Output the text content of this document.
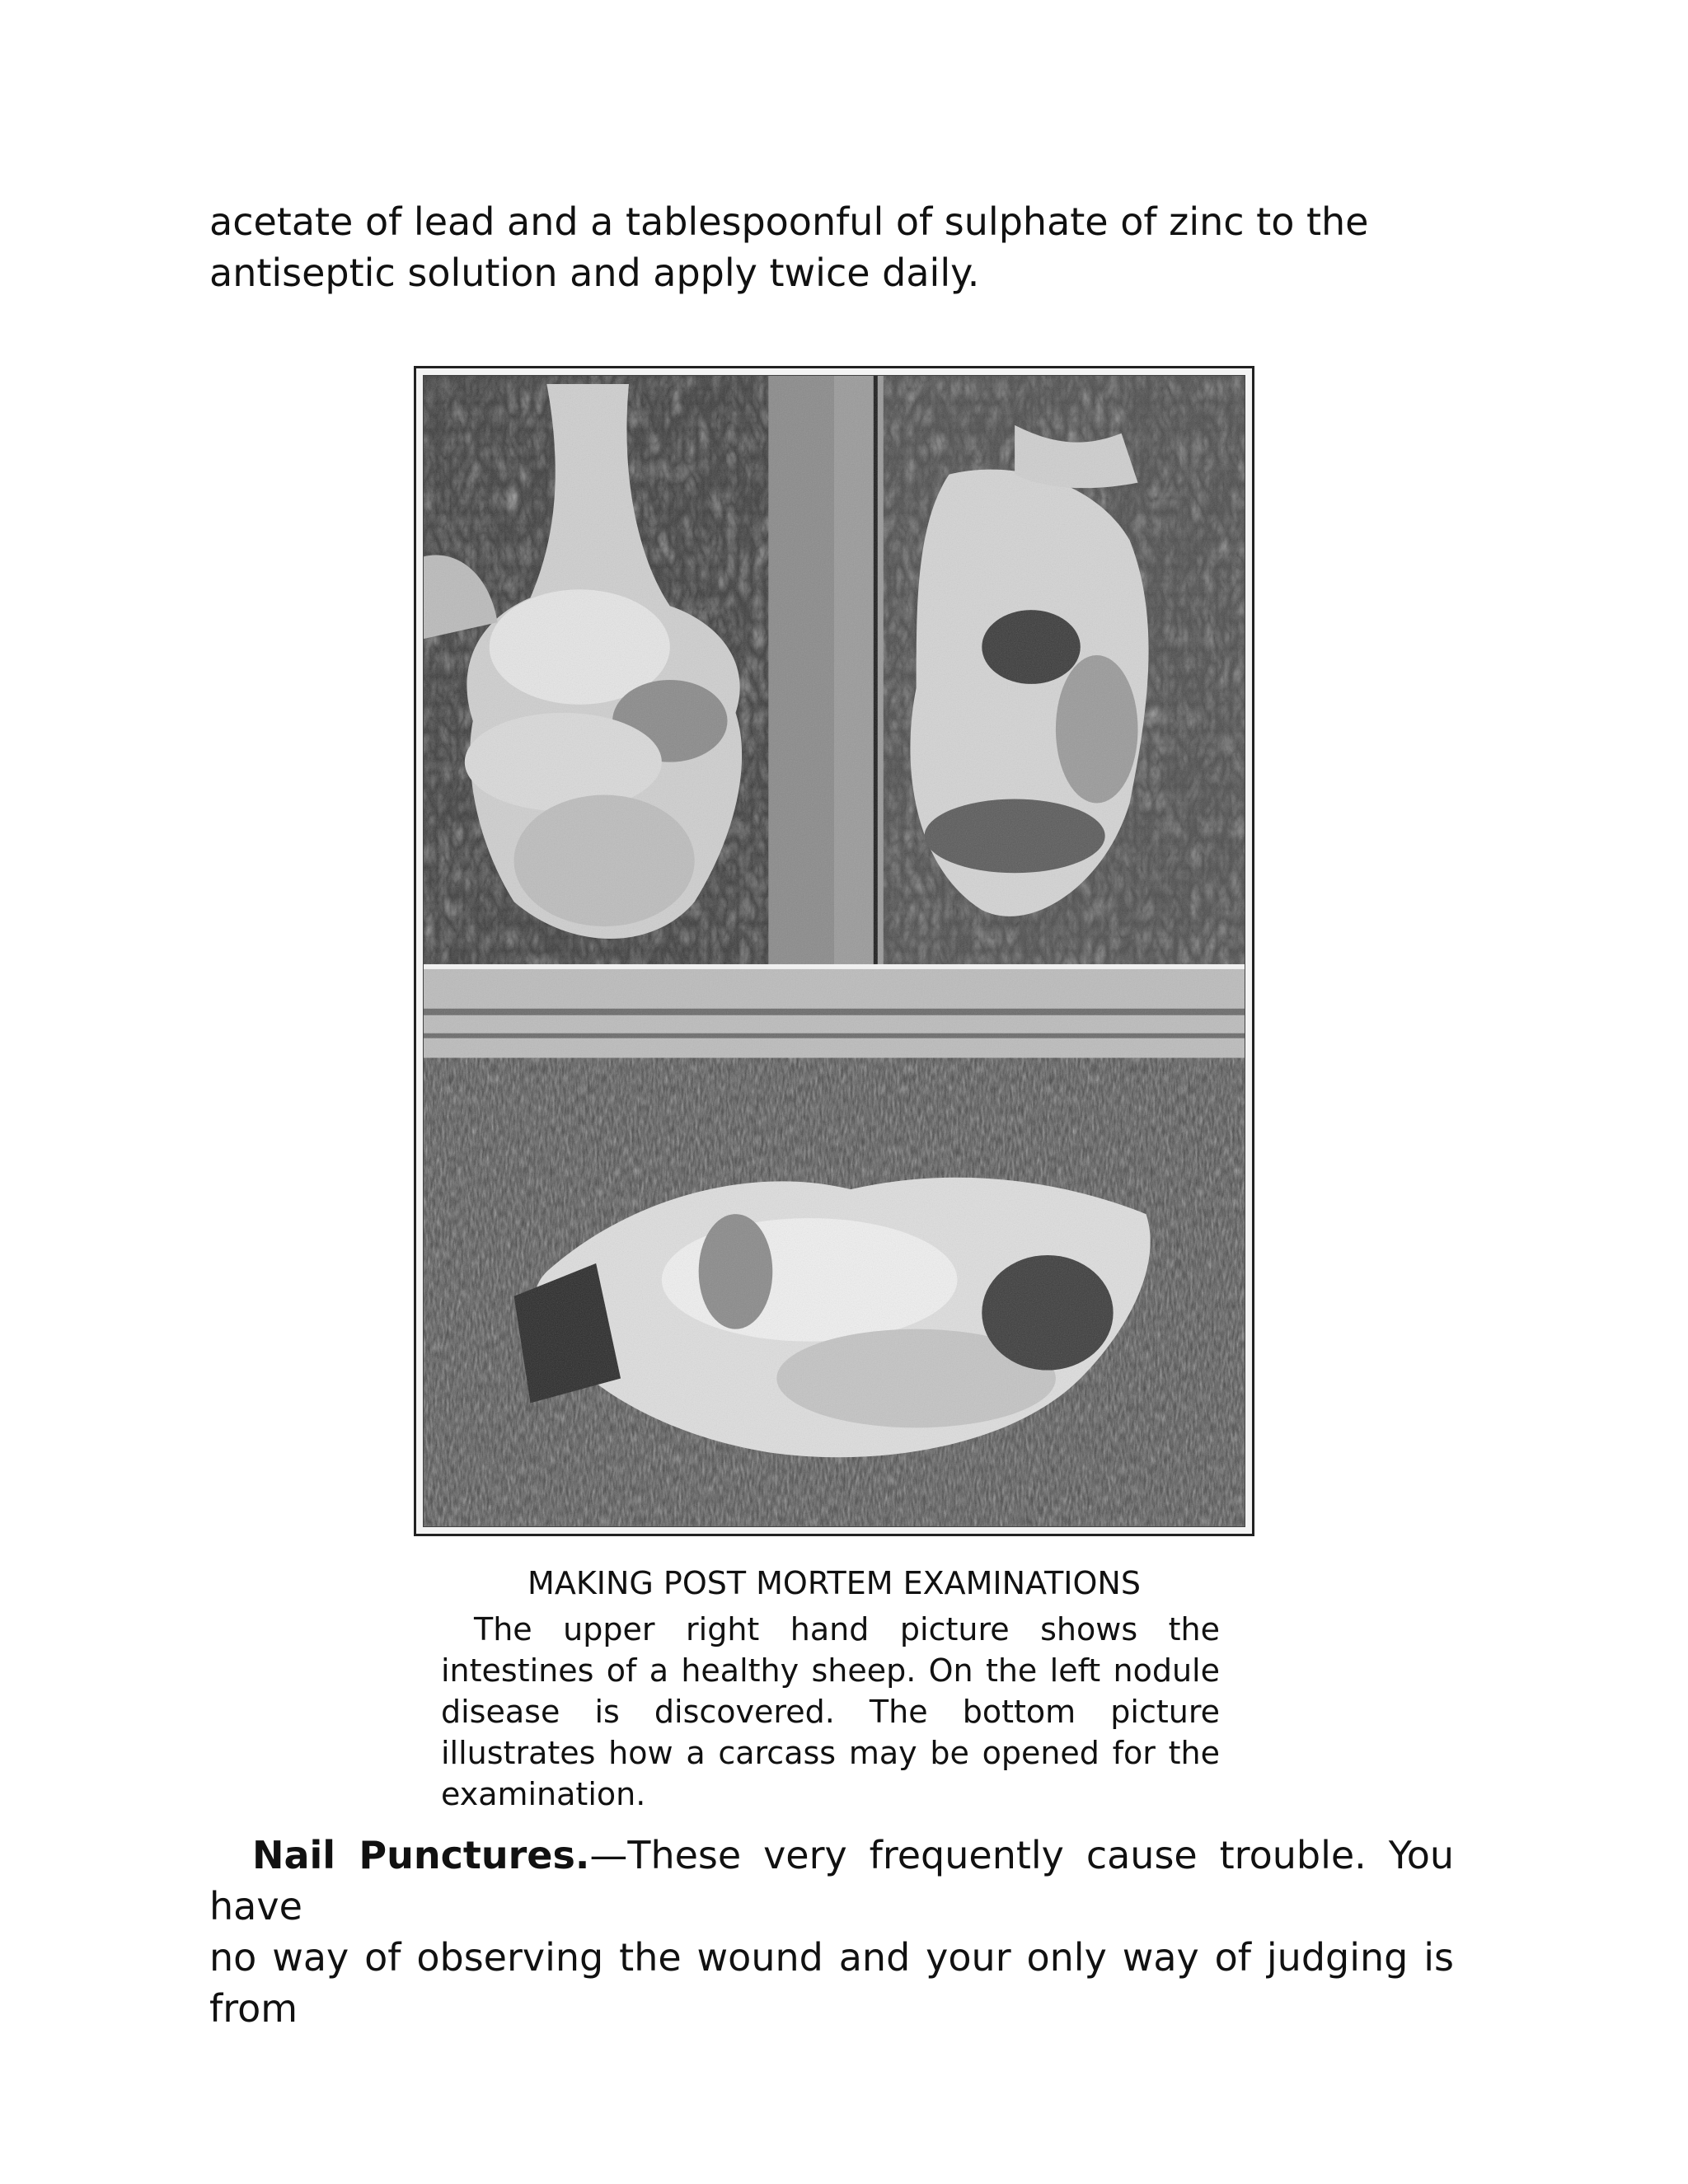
acetate of lead and a tablespoonful of sulphate of zinc to the
antiseptic solution and apply twice daily.
MAKING POST MORTEM EXAMINATIONS
The upper right hand picture shows the intestines of a healthy sheep. On the left nodule disease is discovered. The bottom picture illustrates how a carcass may be opened for the examination.
Nail Punctures.—These very frequently cause trouble. You have
no way of observing the wound and your only way of judging is from
